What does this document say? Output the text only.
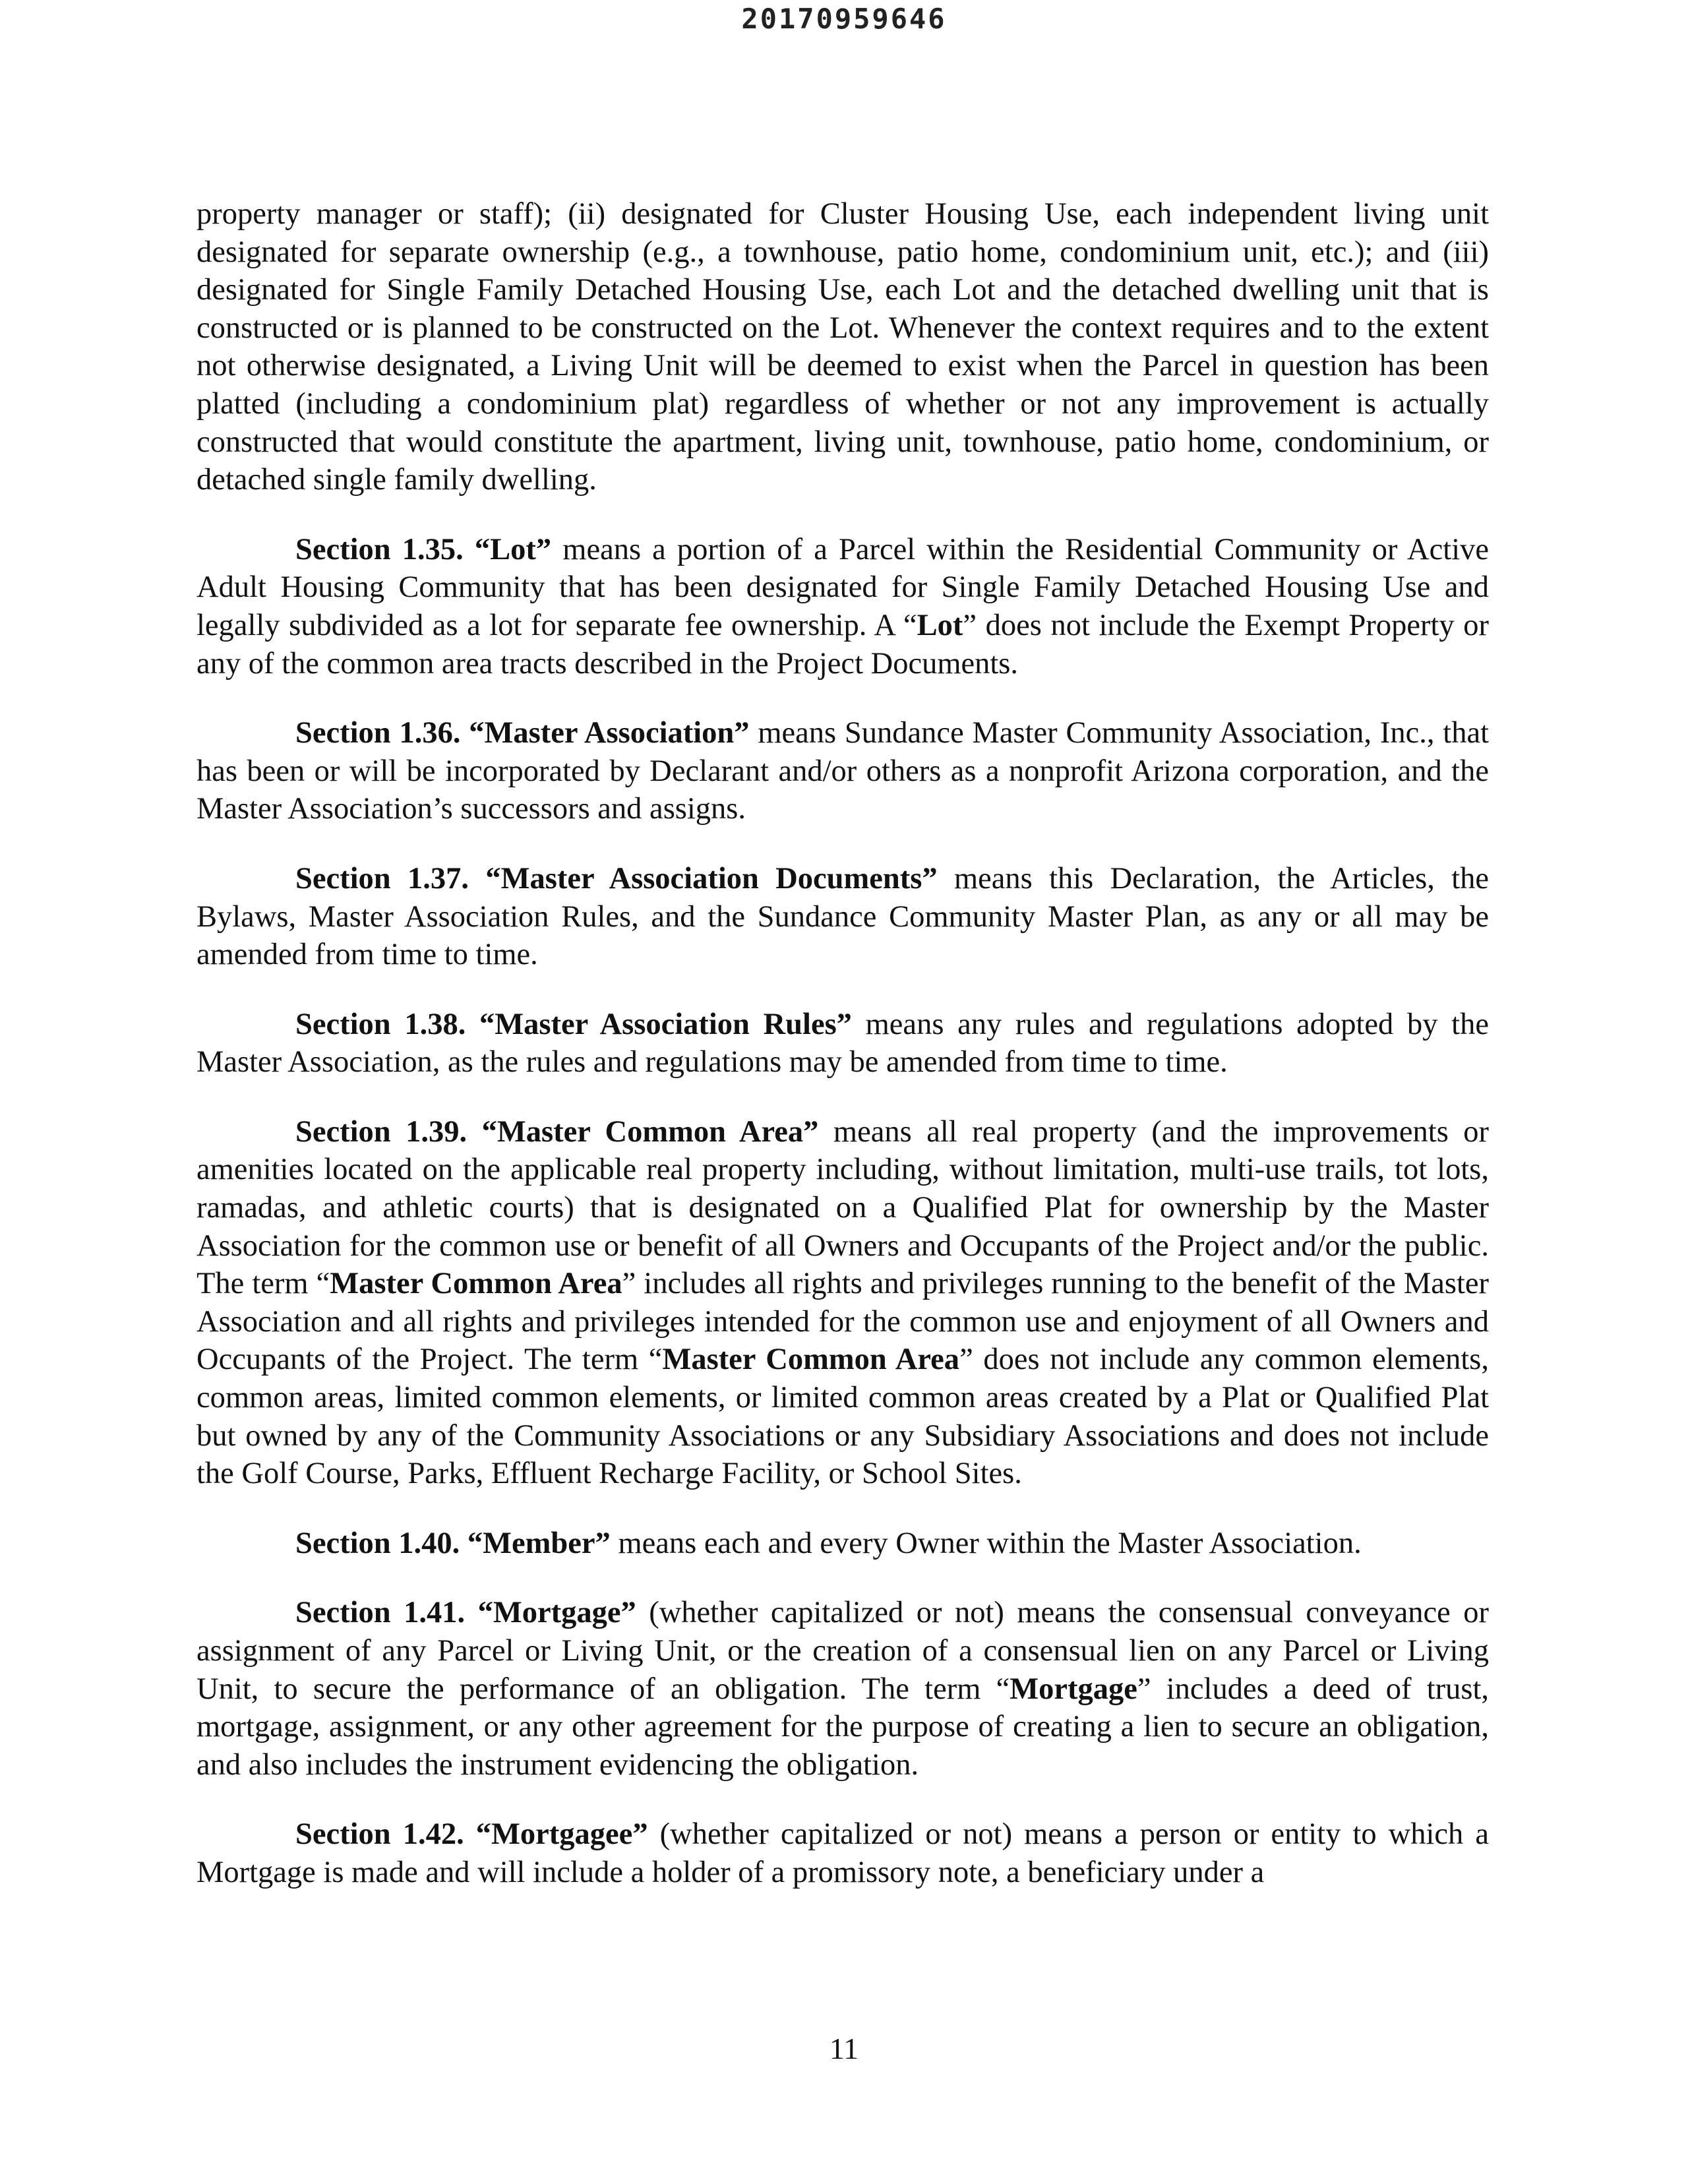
20170959646

property manager or staff); (ii) designated for Cluster Housing Use, each independent living unit designated for separate ownership (e.g., a townhouse, patio home, condominium unit, etc.); and (iii) designated for Single Family Detached Housing Use, each Lot and the detached dwelling unit that is constructed or is planned to be constructed on the Lot. Whenever the context requires and to the extent not otherwise designated, a Living Unit will be deemed to exist when the Parcel in question has been platted (including a condominium plat) regardless of whether or not any improvement is actually constructed that would constitute the apartment, living unit, townhouse, patio home, condominium, or detached single family dwelling.

Section 1.35. “Lot” means a portion of a Parcel within the Residential Community or Active Adult Housing Community that has been designated for Single Family Detached Housing Use and legally subdivided as a lot for separate fee ownership. A “Lot” does not include the Exempt Property or any of the common area tracts described in the Project Documents.

Section 1.36. “Master Association” means Sundance Master Community Association, Inc., that has been or will be incorporated by Declarant and/or others as a nonprofit Arizona corporation, and the Master Association’s successors and assigns.

Section 1.37. “Master Association Documents” means this Declaration, the Articles, the Bylaws, Master Association Rules, and the Sundance Community Master Plan, as any or all may be amended from time to time.

Section 1.38. “Master Association Rules” means any rules and regulations adopted by the Master Association, as the rules and regulations may be amended from time to time.

Section 1.39. “Master Common Area” means all real property (and the improvements or amenities located on the applicable real property including, without limitation, multi-use trails, tot lots, ramadas, and athletic courts) that is designated on a Qualified Plat for ownership by the Master Association for the common use or benefit of all Owners and Occupants of the Project and/or the public. The term “Master Common Area” includes all rights and privileges running to the benefit of the Master Association and all rights and privileges intended for the common use and enjoyment of all Owners and Occupants of the Project. The term “Master Common Area” does not include any common elements, common areas, limited common elements, or limited common areas created by a Plat or Qualified Plat but owned by any of the Community Associations or any Subsidiary Associations and does not include the Golf Course, Parks, Effluent Recharge Facility, or School Sites.

Section 1.40. “Member” means each and every Owner within the Master Association.

Section 1.41. “Mortgage” (whether capitalized or not) means the consensual conveyance or assignment of any Parcel or Living Unit, or the creation of a consensual lien on any Parcel or Living Unit, to secure the performance of an obligation. The term “Mortgage” includes a deed of trust, mortgage, assignment, or any other agreement for the purpose of creating a lien to secure an obligation, and also includes the instrument evidencing the obligation.

Section 1.42. “Mortgagee” (whether capitalized or not) means a person or entity to which a Mortgage is made and will include a holder of a promissory note, a beneficiary under a

11
